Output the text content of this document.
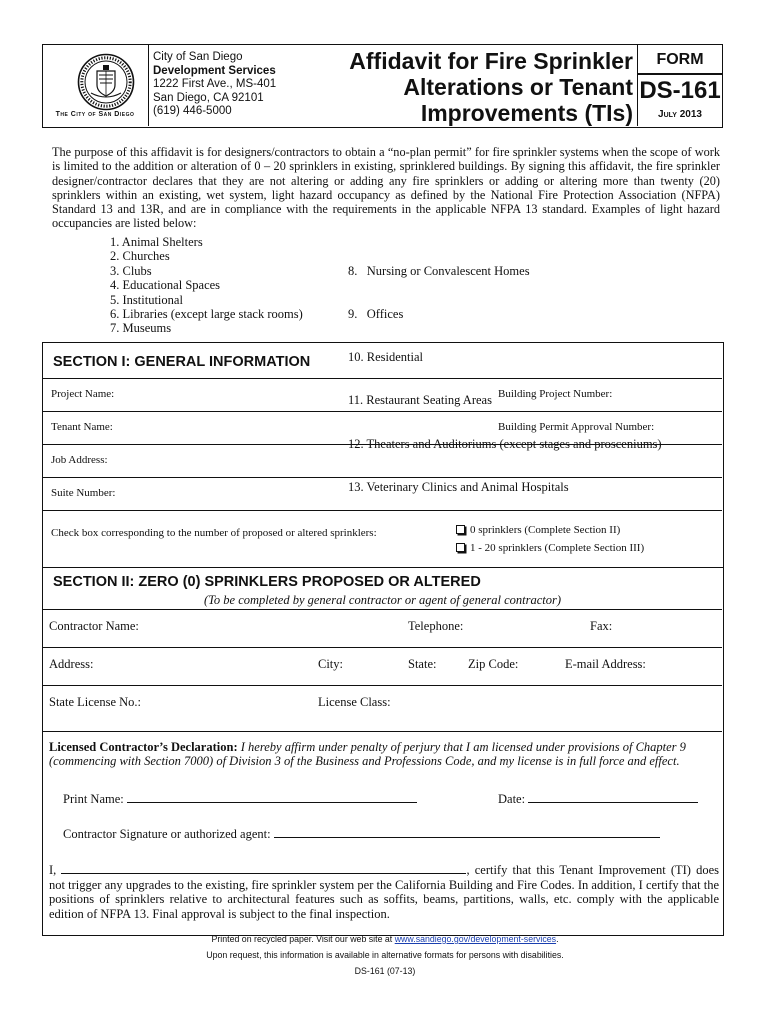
The City of San Diego
City of San Diego
Development Services
1222 First Ave., MS-401
San Diego, CA 92101
(619) 446-5000
Affidavit for Fire Sprinkler
Alterations or Tenant
Improvements (TIs)
FORM
DS-161
July 2013
The purpose of this affidavit is for designers/contractors to obtain a “no-plan permit” for fire sprinkler systems when the scope of work is limited to the addition or alteration of 0 – 20 sprinklers in existing, sprinklered buildings. By signing this affidavit, the fire sprinkler designer/contractor declares that they are not altering or adding any fire sprinklers or adding or altering more than twenty (20) sprinklers within an existing, wet system, light hazard occupancy as defined by the National Fire Protection Association (NFPA) Standard 13 and 13R, and are in compliance with the requirements in the applicable NFPA 13 standard. Examples of light hazard occupancies are listed below:
1. Animal Shelters
2. Churches
3. Clubs
4. Educational Spaces
5. Institutional
6. Libraries (except large stack rooms)
7. Museums

8.   Nursing or Convalescent Homes

9.   Offices

10. Residential

11. Restaurant Seating Areas

12. Theaters and Auditoriums (except stages and prosceniums)

13. Veterinary Clinics and Animal Hospitals

SECTION I: GENERAL INFORMATION
Project Name:	Building Project Number:
Tenant Name:	Building Permit Approval Number:
Job Address:
Suite Number:
Check box corresponding to the number of proposed or altered sprinklers:	0 sprinklers (Complete Section II)
1 - 20 sprinklers (Complete Section III)
SECTION II: ZERO (0) SPRINKLERS PROPOSED OR ALTERED
(To be completed by general contractor or agent of general contractor)
Contractor Name:	Telephone:	Fax:
Address:	City:	State:	Zip Code:	E-mail Address:
State License No.:	License Class:
Licensed Contractor’s Declaration: I hereby affirm under penalty of perjury that I am licensed under provisions of Chapter 9 (commencing with Section 7000) of Division 3 of the Business and Professions Code, and my license is in full force and effect.
Print Name:	Date:
Contractor Signature or authorized agent:
I,	, certify that this Tenant Improvement (TI) does not trigger any upgrades to the existing, fire sprinkler system per the California Building and Fire Codes. In addition, I certify that the positions of sprinklers relative to architectural features such as soffits, beams, partitions, walls, etc. comply with the applicable edition of NFPA 13. Final approval is subject to the final inspection.
Printed on recycled paper. Visit our web site at www.sandiego.gov/development-services.
Upon request, this information is available in alternative formats for persons with disabilities.
DS-161 (07-13)
